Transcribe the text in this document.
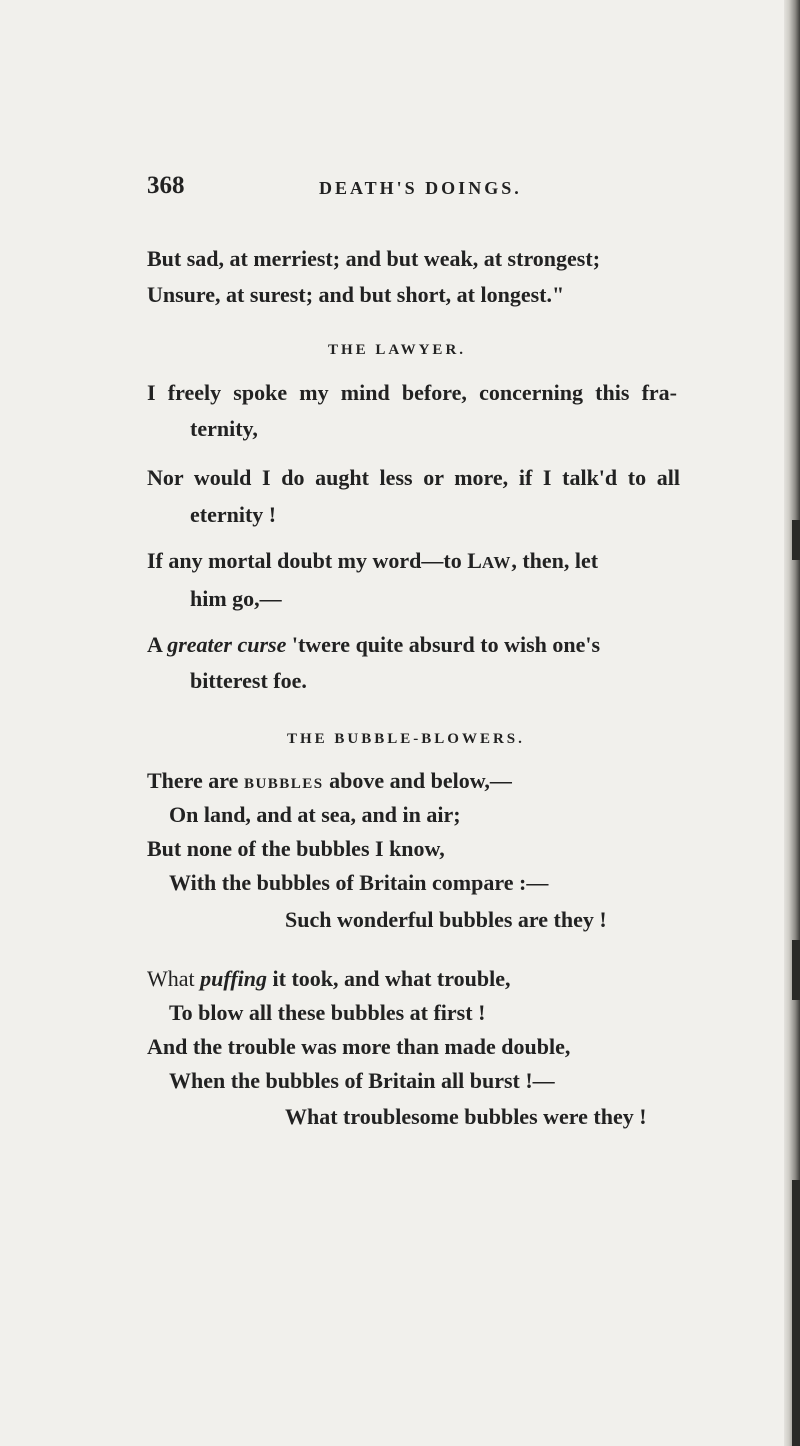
368	DEATH'S DOINGS.
But sad, at merriest; and but weak, at strongest;
Unsure, at surest; and but short, at longest."
THE LAWYER.
I freely spoke my mind before, concerning this fra-
ternity,
Nor would I do aught less or more, if I talk'd to all
eternity !
If any mortal doubt my word—to LAW, then, let
him go,—
A greater curse 'twere quite absurd to wish one's
bitterest foe.
THE BUBBLE-BLOWERS.
There are BUBBLES above and below,—
On land, and at sea, and in air;
But none of the bubbles I know,
With the bubbles of Britain compare :—
Such wonderful bubbles are they !
What puffing it took, and what trouble,
To blow all these bubbles at first !
And the trouble was more than made double,
When the bubbles of Britain all burst !—
What troublesome bubbles were they !
